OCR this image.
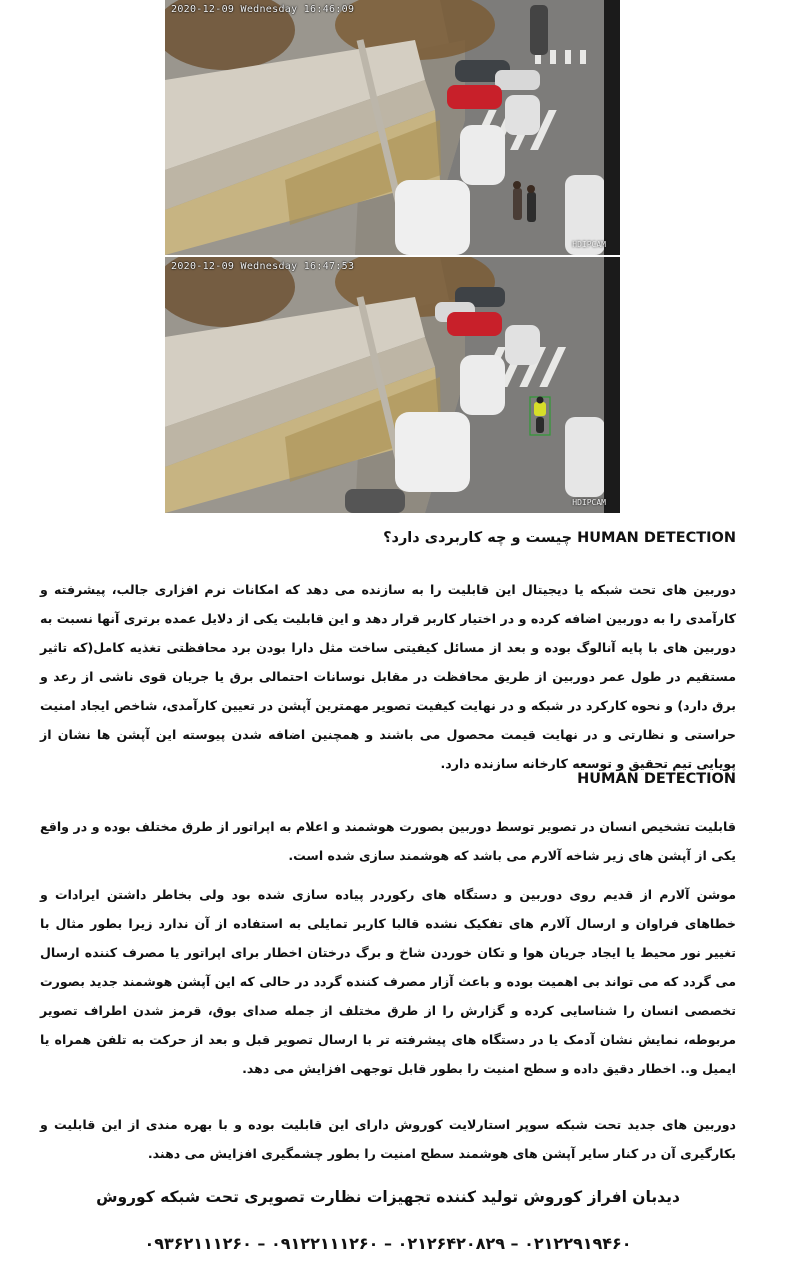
2020-12-09 Wednesday 16:46:09
HDIPCAM
2020-12-09 Wednesday 16:47:53
HDIPCAM
HUMAN DETECTION چیست و چه کاربردی دارد؟
دوربین های تحت شبکه یا دیجیتال این قابلیت را به سازنده می دهد که امکانات نرم افزاری جالب، پیشرفته و کارآمدی را به دوربین اضافه کرده و در اختیار کاربر قرار دهد و این قابلیت یکی از دلایل عمده برتری آنها نسبت به دوربین های با پایه آنالوگ بوده و بعد از مسائل کیفیتی ساخت مثل دارا بودن برد محافظتی تغذیه کامل(که تاثیر مستقیم در طول عمر دوربین از طریق محافظت در مقابل نوسانات احتمالی برق یا جریان قوی ناشی از رعد و برق دارد) و نحوه کارکرد در شبکه و در نهایت کیفیت تصویر مهمترین آپشن در تعیین کارآمدی، شاخص ایجاد امنیت حراستی و نظارتی و در نهایت قیمت محصول می باشند و همچنین اضافه شدن پیوسته این آپشن ها نشان از پویایی تیم تحقیق و توسعه کارخانه سازنده دارد.
HUMAN DETECTION
قابلیت تشخیص انسان در تصویر توسط دوربین بصورت هوشمند و اعلام به اپراتور از طرق مختلف بوده و در واقع یکی از آپشن های زیر شاخه آلارم می باشد که هوشمند سازی شده است.
موشن آلارم از قدیم روی دوربین و دستگاه های رکوردر پیاده سازی شده بود ولی بخاطر داشتن ایرادات و خطاهای فراوان و ارسال آلارم های تفکیک نشده قالبا کاربر تمایلی به استفاده از آن ندارد زیرا بطور مثال با تغییر نور محیط یا ایجاد جریان هوا و تکان خوردن شاخ و برگ درختان اخطار برای اپراتور یا مصرف کننده ارسال می گردد که می تواند بی اهمیت بوده و باعث آزار مصرف کننده گردد در حالی که این آپشن هوشمند جدید بصورت تخصصی انسان را شناسایی کرده و گزارش را از طرق مختلف از جمله صدای بوق، قرمز شدن اطراف تصویر مربوطه، نمایش نشان آدمک یا در دستگاه های پیشرفته تر با ارسال تصویر قبل و بعد از حرکت به تلفن همراه یا ایمیل و.. اخطار دقیق داده و سطح امنیت را بطور قابل توجهی افزایش می دهد.
دوربین های جدید تحت شبکه سوپر استارلایت کوروش دارای این قابلیت بوده و با بهره مندی از این قابلیت و بکارگیری آن در کنار سایر آپشن های هوشمند سطح امنیت را بطور چشمگیری افزایش می دهند.
دیدبان افراز کوروش تولید کننده تجهیزات نظارت تصویری تحت شبکه کوروش
۰۲۱۲۲۹۱۹۴۶۰ – ۰۲۱۲۶۴۲۰۸۲۹ – ۰۹۱۲۲۱۱۱۲۶۰ – ۰۹۳۶۲۱۱۱۲۶۰
